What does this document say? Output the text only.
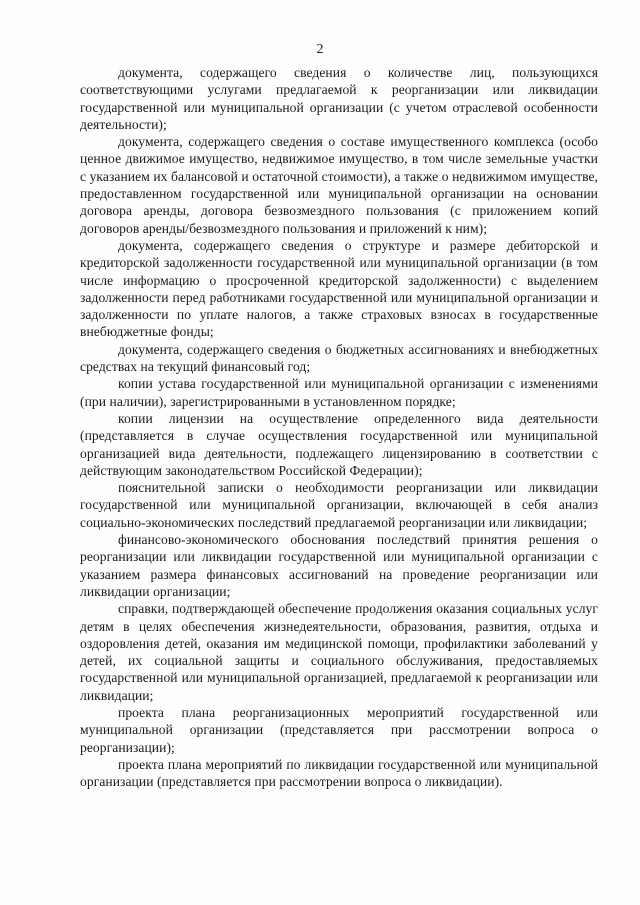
2

документа, содержащего сведения о количестве лиц, пользующихся соответствующими услугами предлагаемой к реорганизации или ликвидации государственной или муниципальной организации (с учетом отраслевой особенности деятельности);

документа, содержащего сведения о составе имущественного комплекса (особо ценное движимое имущество, недвижимое имущество, в том числе земельные участки с указанием их балансовой и остаточной стоимости), а также о недвижимом имуществе, предоставленном государственной или муниципальной организации на основании договора аренды, договора безвозмездного пользования (с приложением копий договоров аренды/безвозмездного пользования и приложений к ним);

документа, содержащего сведения о структуре и размере дебиторской и кредиторской задолженности государственной или муниципальной организации (в том числе информацию о просроченной кредиторской задолженности) с выделением задолженности перед работниками государственной или муниципальной организации и задолженности по уплате налогов, а также страховых взносах в государственные внебюджетные фонды;

документа, содержащего сведения о бюджетных ассигнованиях и внебюджетных средствах на текущий финансовый год;

копии устава государственной или муниципальной организации с изменениями (при наличии), зарегистрированными в установленном порядке;

копии лицензии на осуществление определенного вида деятельности (представляется в случае осуществления государственной или муниципальной организацией вида деятельности, подлежащего лицензированию в соответствии с действующим законодательством Российской Федерации);

пояснительной записки о необходимости реорганизации или ликвидации государственной или муниципальной организации, включающей в себя анализ социально-экономических последствий предлагаемой реорганизации или ликвидации;

финансово-экономического обоснования последствий принятия решения о реорганизации или ликвидации государственной или муниципальной организации с указанием размера финансовых ассигнований на проведение реорганизации или ликвидации организации;

справки, подтверждающей обеспечение продолжения оказания социальных услуг детям в целях обеспечения жизнедеятельности, образования, развития, отдыха и оздоровления детей, оказания им медицинской помощи, профилактики заболеваний у детей, их социальной защиты и социального обслуживания, предоставляемых государственной или муниципальной организацией, предлагаемой к реорганизации или ликвидации;

проекта плана реорганизационных мероприятий государственной или муниципальной организации (представляется при рассмотрении вопроса о реорганизации);

проекта плана мероприятий по ликвидации государственной или муниципальной организации (представляется при рассмотрении вопроса о ликвидации).
